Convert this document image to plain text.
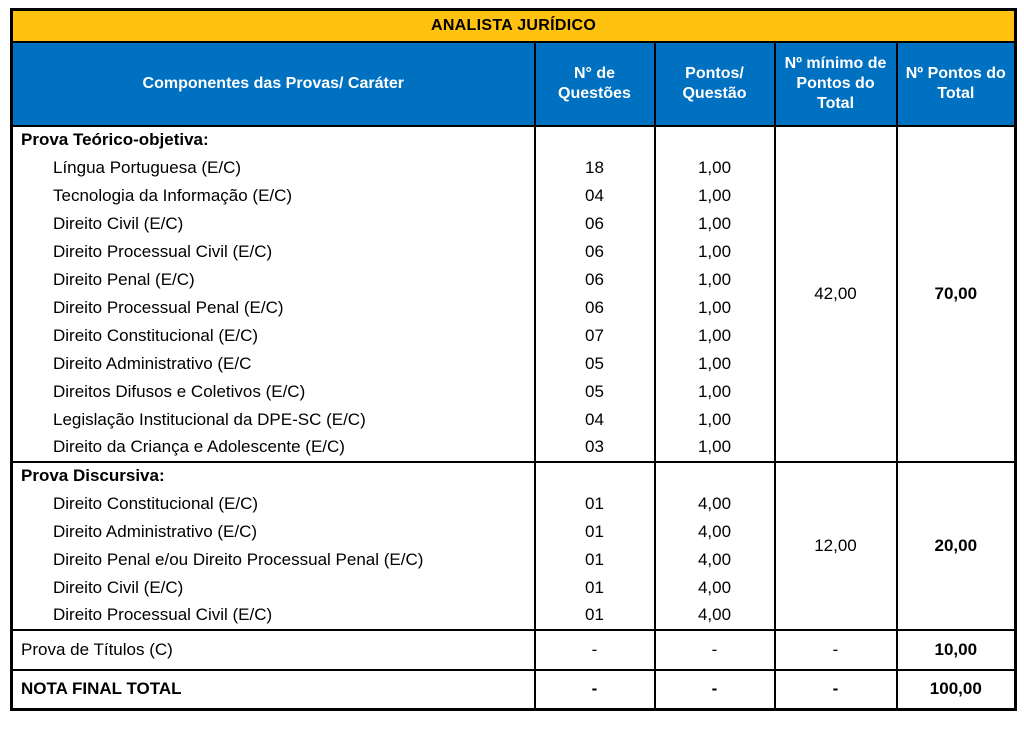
ANALISTA JURÍDICO				
Componentes das Provas/ Caráter	N° de Questões	Pontos/ Questão	Nº mínimo de Pontos do Total	Nº Pontos do Total
Prova Teórico-objetiva:			42,00	70,00
Língua Portuguesa (E/C)	18	1,00		
Tecnologia da Informação (E/C)	04	1,00		
Direito Civil (E/C)	06	1,00		
Direito Processual Civil (E/C)	06	1,00		
Direito Penal (E/C)	06	1,00		
Direito Processual Penal (E/C)	06	1,00		
Direito Constitucional (E/C)	07	1,00		
Direito Administrativo (E/C	05	1,00		
Direitos Difusos e Coletivos (E/C)	05	1,00		
Legislação Institucional da DPE-SC (E/C)	04	1,00		
Direito da Criança e Adolescente (E/C)	03	1,00		
Prova Discursiva:			12,00	20,00
Direito Constitucional (E/C)	01	4,00		
Direito Administrativo (E/C)	01	4,00		
Direito Penal e/ou Direito Processual Penal (E/C)	01	4,00		
Direito Civil (E/C)	01	4,00		
Direito Processual Civil (E/C)	01	4,00		
Prova de Títulos (C)	-	-	-	10,00
NOTA FINAL TOTAL	-	-	-	100,00
